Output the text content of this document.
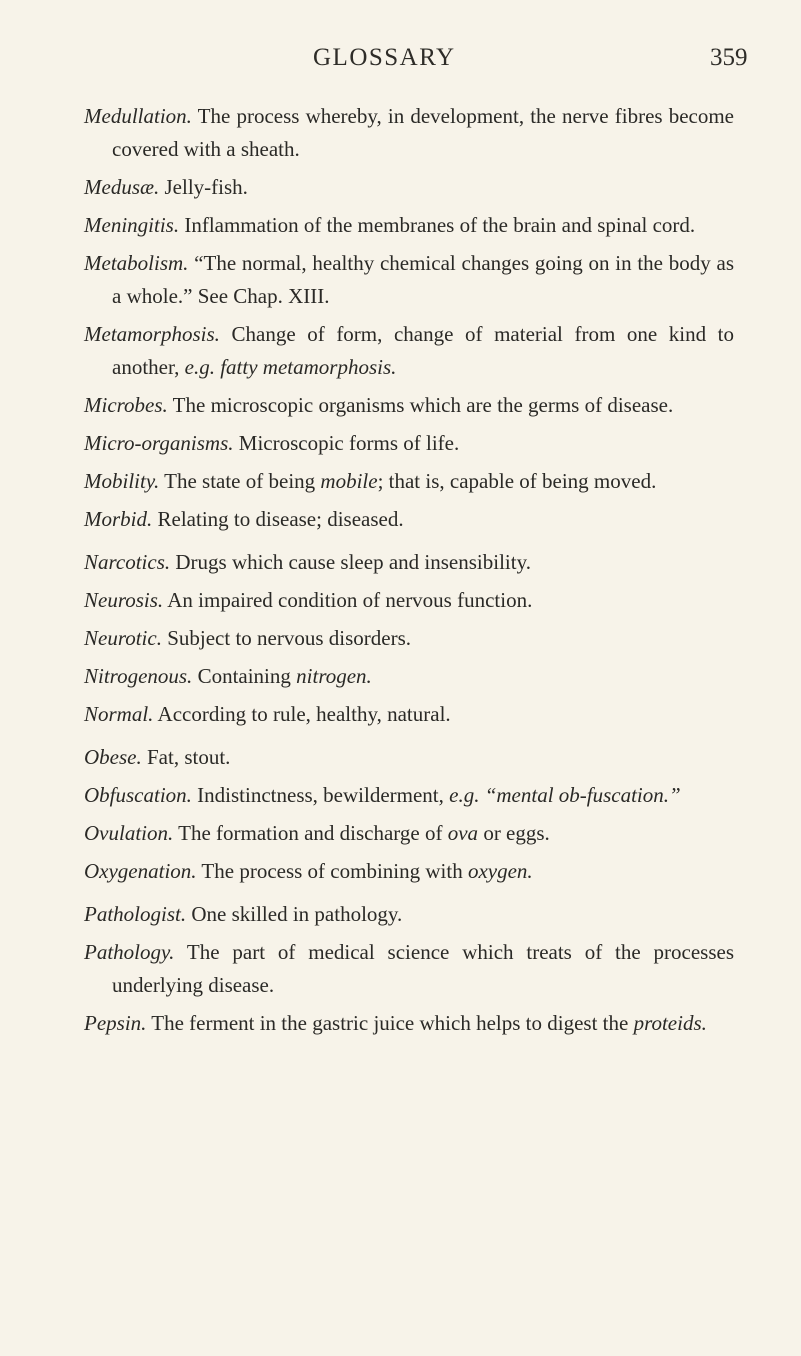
GLOSSARY	359

Medullation. The process whereby, in development, the nerve fibres become covered with a sheath.

Medusæ. Jelly-fish.

Meningitis. Inflammation of the membranes of the brain and spinal cord.

Metabolism. “The normal, healthy chemical changes going on in the body as a whole.” See Chap. XIII.

Metamorphosis. Change of form, change of material from one kind to another, e.g. fatty metamorphosis.

Microbes. The microscopic organisms which are the germs of disease.

Micro-organisms. Microscopic forms of life.

Mobility. The state of being mobile; that is, capable of being moved.

Morbid. Relating to disease; diseased.

Narcotics. Drugs which cause sleep and insensibility.

Neurosis. An impaired condition of nervous function.

Neurotic. Subject to nervous disorders.

Nitrogenous. Containing nitrogen.

Normal. According to rule, healthy, natural.

Obese. Fat, stout.

Obfuscation. Indistinctness, bewilderment, e.g. “mental ob-fuscation.”

Ovulation. The formation and discharge of ova or eggs.

Oxygenation. The process of combining with oxygen.

Pathologist. One skilled in pathology.

Pathology. The part of medical science which treats of the processes underlying disease.

Pepsin. The ferment in the gastric juice which helps to digest the proteids.
